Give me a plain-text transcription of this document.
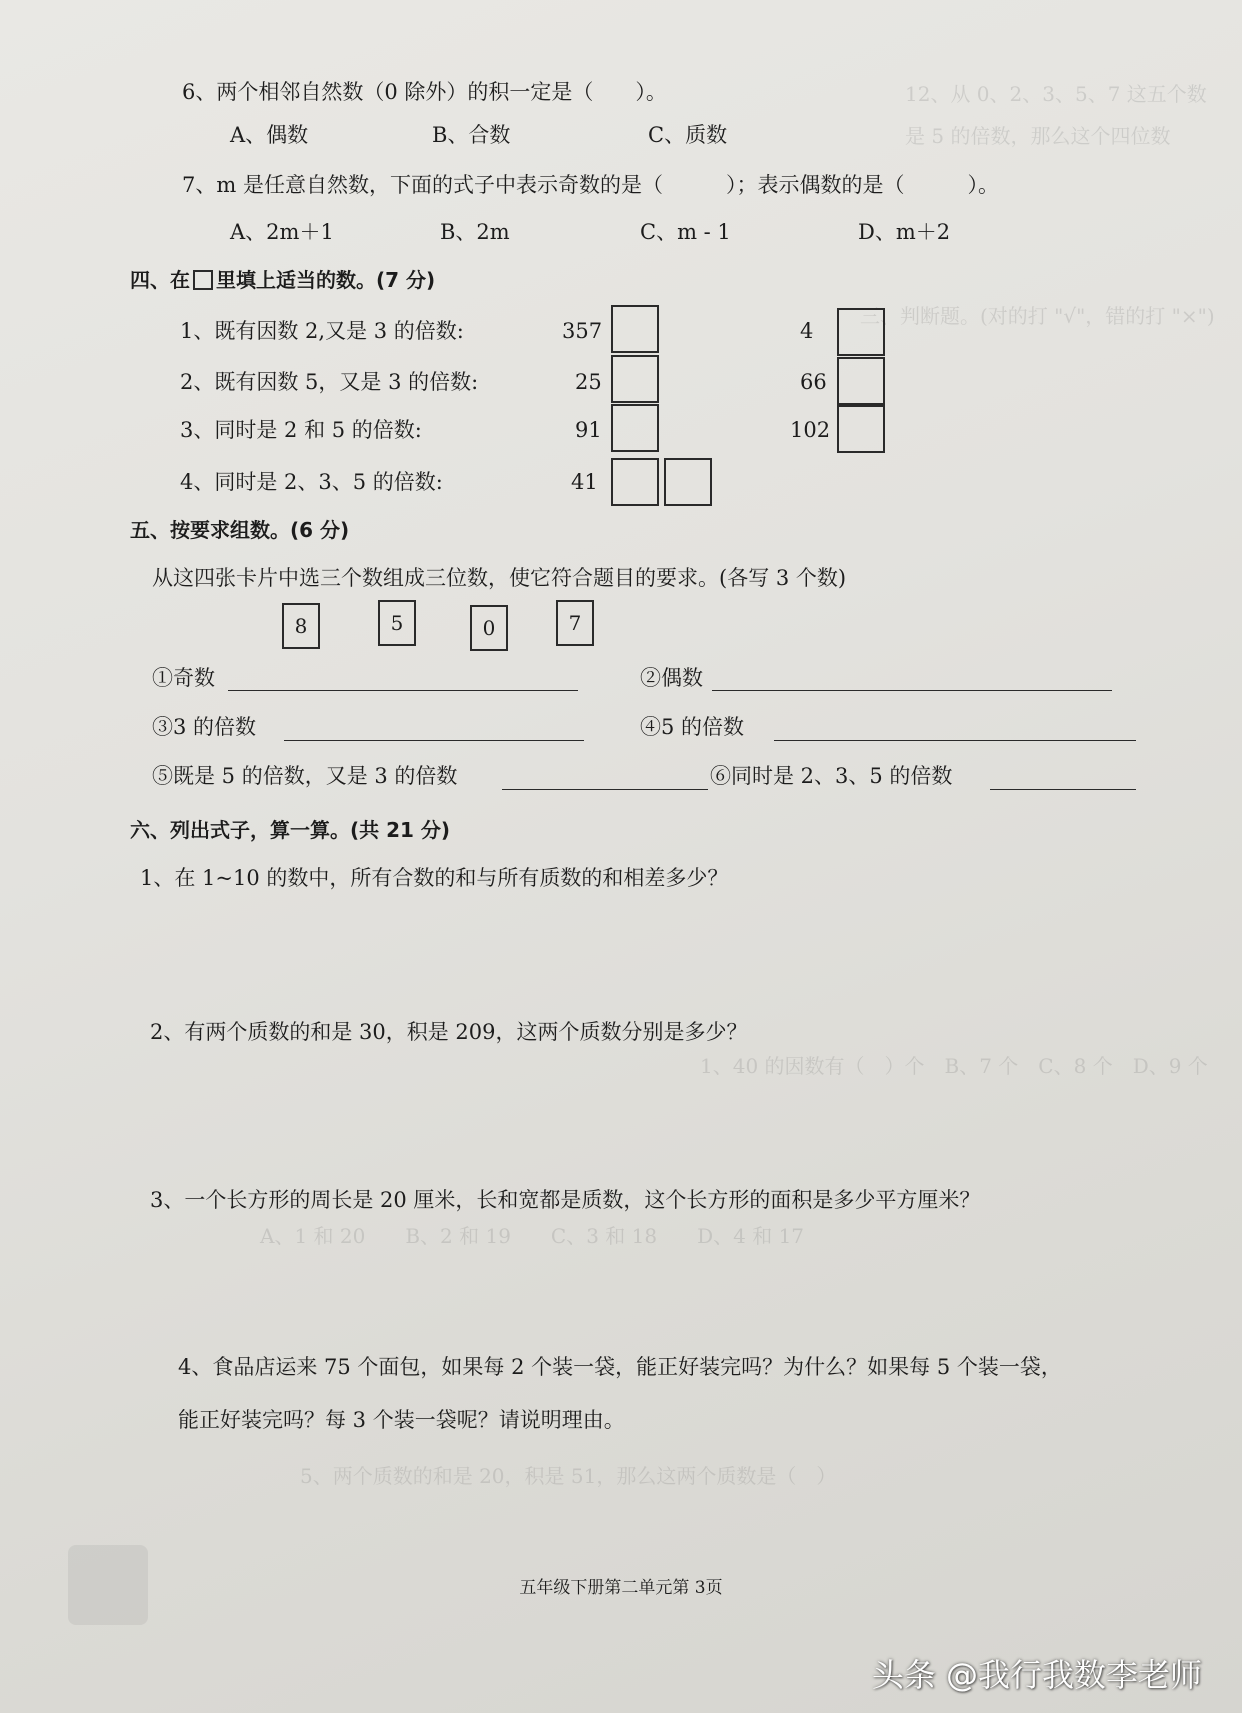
12、从 0、2、3、5、7 这五个数
是 5 的倍数，那么这个四位数
三、判断题。(对的打 "√"，错的打 "×")
1、40 的因数有（　）个　B、7 个　C、8 个　D、9 个
A、1 和 20　　B、2 和 19　　C、3 和 18　　D、4 和 17
5、两个质数的和是 20，积是 51，那么这两个质数是（　）
6、两个相邻自然数（0 除外）的积一定是（　　）。
A、偶数	B、合数	C、质数
7、m 是任意自然数，下面的式子中表示奇数的是（　　　）；表示偶数的是（　　　）。
A、2m＋1	B、2m	C、m - 1	D、m＋2
四、在 里填上适当的数。(7 分)
1、既有因数 2,又是 3 的倍数:	357	4
2、既有因数 5，又是 3 的倍数:	25	66
3、同时是 2 和 5 的倍数:	91	102
4、同时是 2、3、5 的倍数:	41
五、按要求组数。(6 分)
从这四张卡片中选三个数组成三位数，使它符合题目的要求。(各写 3 个数)
8	5	0	7
①奇数	②偶数
③3 的倍数	④5 的倍数
⑤既是 5 的倍数，又是 3 的倍数	⑥同时是 2、3、5 的倍数
六、列出式子，算一算。(共 21 分)
1、在 1~10 的数中，所有合数的和与所有质数的和相差多少？
2、有两个质数的和是 30，积是 209，这两个质数分别是多少？
3、一个长方形的周长是 20 厘米，长和宽都是质数，这个长方形的面积是多少平方厘米？
4、食品店运来 75 个面包，如果每 2 个装一袋，能正好装完吗？为什么？如果每 5 个装一袋，
能正好装完吗？每 3 个装一袋呢？请说明理由。
五年级下册第二单元第 3页
头条 @我行我数李老师
